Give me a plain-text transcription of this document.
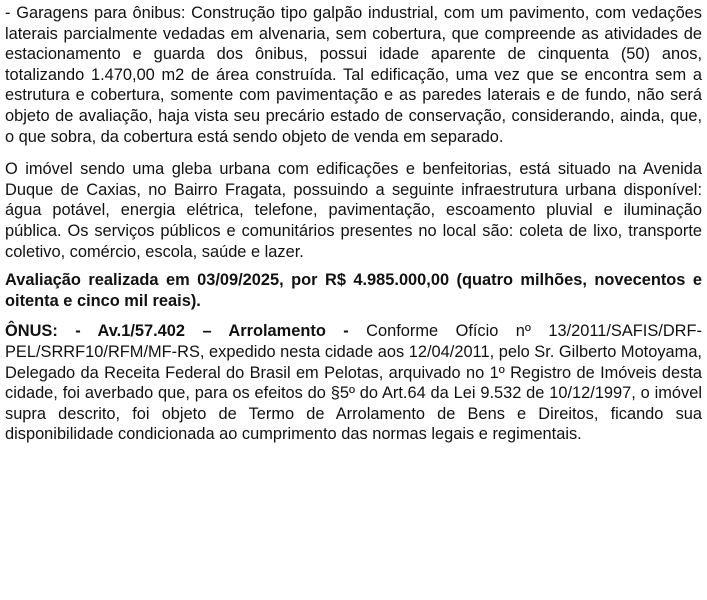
- Garagens para ônibus: Construção tipo galpão industrial, com um pavimento, com vedações laterais parcialmente vedadas em alvenaria, sem cobertura, que compreende as atividades de estacionamento e guarda dos ônibus, possui idade aparente de cinquenta (50) anos, totalizando 1.470,00 m2 de área construída. Tal edificação, uma vez que se encontra sem a estrutura e cobertura, somente com pavimentação e as paredes laterais e de fundo, não será objeto de avaliação, haja vista seu precário estado de conservação, considerando, ainda, que, o que sobra, da cobertura está sendo objeto de venda em separado.

O imóvel sendo uma gleba urbana com edificações e benfeitorias, está situado na Avenida Duque de Caxias, no Bairro Fragata, possuindo a seguinte infraestrutura urbana disponível: água potável, energia elétrica, telefone, pavimentação, escoamento pluvial e iluminação pública. Os serviços públicos e comunitários presentes no local são: coleta de lixo, transporte coletivo, comércio, escola, saúde e lazer.

Avaliação realizada em 03/09/2025, por R$ 4.985.000,00 (quatro milhões, novecentos e oitenta e cinco mil reais).

ÔNUS: - Av.1/57.402 – Arrolamento - Conforme Ofício nº 13/2011/SAFIS/DRF-PEL/SRRF10/RFM/MF-RS, expedido nesta cidade aos 12/04/2011, pelo Sr. Gilberto Motoyama, Delegado da Receita Federal do Brasil em Pelotas, arquivado no 1º Registro de Imóveis desta cidade, foi averbado que, para os efeitos do §5º do Art.64 da Lei 9.532 de 10/12/1997, o imóvel supra descrito, foi objeto de Termo de Arrolamento de Bens e Direitos, ficando sua disponibilidade condicionada ao cumprimento das normas legais e regimentais.
